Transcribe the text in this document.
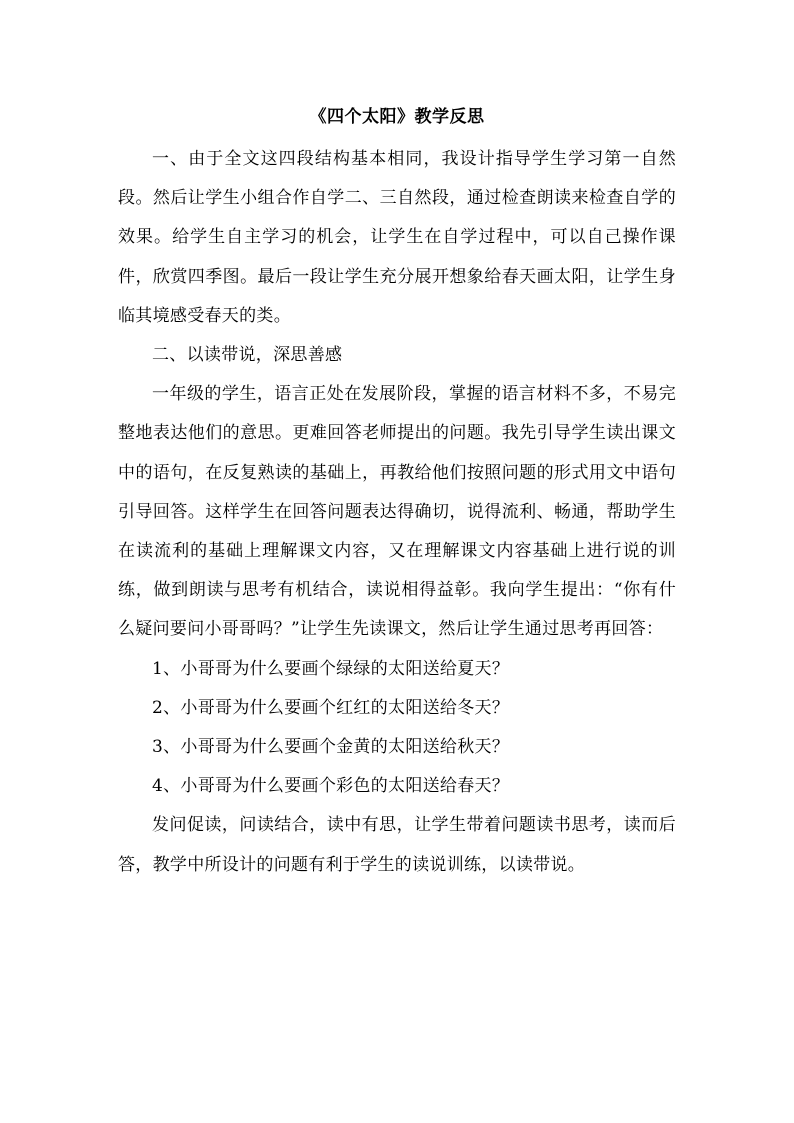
《四个太阳》教学反思

一、由于全文这四段结构基本相同，我设计指导学生学习第一自然段。然后让学生小组合作自学二、三自然段，通过检查朗读来检查自学的效果。给学生自主学习的机会，让学生在自学过程中，可以自己操作课件，欣赏四季图。最后一段让学生充分展开想象给春天画太阳，让学生身临其境感受春天的类。

二、以读带说，深思善感

一年级的学生，语言正处在发展阶段，掌握的语言材料不多，不易完整地表达他们的意思。更难回答老师提出的问题。我先引导学生读出课文中的语句，在反复熟读的基础上，再教给他们按照问题的形式用文中语句引导回答。这样学生在回答问题表达得确切，说得流利、畅通，帮助学生在读流利的基础上理解课文内容，又在理解课文内容基础上进行说的训练，做到朗读与思考有机结合，读说相得益彰。我向学生提出：“你有什么疑问要问小哥哥吗？”让学生先读课文，然后让学生通过思考再回答：

1、小哥哥为什么要画个绿绿的太阳送给夏天？

2、小哥哥为什么要画个红红的太阳送给冬天？

3、小哥哥为什么要画个金黄的太阳送给秋天？

4、小哥哥为什么要画个彩色的太阳送给春天？

发问促读，问读结合，读中有思，让学生带着问题读书思考，读而后答，教学中所设计的问题有利于学生的读说训练，以读带说。
